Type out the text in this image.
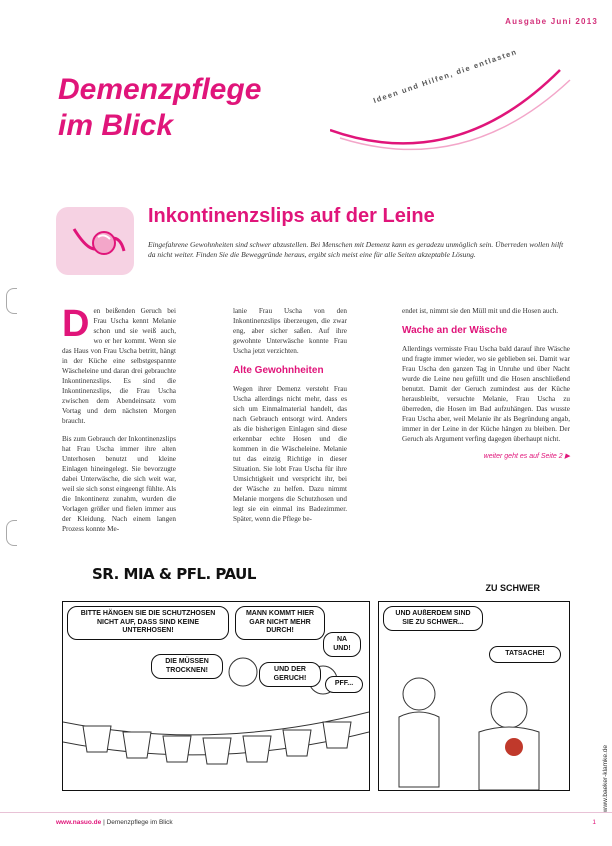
Ausgabe Juni 2013
Demenzpflege
im Blick
Ideen und Hilfen, die entlasten
Inkontinenzslips auf der Leine
Eingefahrene Gewohnheiten sind schwer abzustellen. Bei Menschen mit Demenz kann es geradezu unmöglich sein. Überreden wollen hilft da nicht weiter. Finden Sie die Beweggründe heraus, ergibt sich meist eine für alle Seiten akzeptable Lösung.
D en beißenden Geruch bei Frau Uscha kennt Melanie schon und sie weiß auch, wo er her kommt. Wenn sie das Haus von Frau Uscha betritt, hängt in der Küche eine selbstgespannte Wäscheleine und daran drei gebrauchte Inkontinenzslips. Es sind die Inkontinenzslips, die Frau Uscha zwischen dem Abendeinsatz vom Vortag und dem nächsten Morgen braucht.

Bis zum Gebrauch der Inkontinenzslips hat Frau Uscha immer ihre alten Unterhosen benutzt und kleine Einlagen hineingelegt. Sie bevorzugte dabei Unterwäsche, die sich weit war, weil sie sich sonst eingeengt fühlte. Als die Inkontinenz zunahm, wurden die Vorlagen größer und fielen immer aus der Kleidung. Nach einem langen Prozess konnte Me-

lanie Frau Uscha von den Inkontinenzslips überzeugen, die zwar eng, aber sicher saßen. Auf ihre gewohnte Unterwäsche konnte Frau Uscha jetzt verzichten.

Alte Gewohnheiten

Wegen ihrer Demenz versteht Frau Uscha allerdings nicht mehr, dass es sich um Einmalmaterial handelt, das nach Gebrauch entsorgt wird. Anders als die bisherigen Einlagen sind diese erkennbar echte Hosen und die kommen in die Wäscheleine. Melanie tut das einzig Richtige in dieser Situation. Sie lobt Frau Uscha für ihre Umsichtigkeit und verspricht ihr, bei der Wäsche zu helfen. Dazu nimmt Melanie morgens die Schutzhosen und legt sie ein einmal ins Badezimmer. Später, wenn die Pflege be-

endet ist, nimmt sie den Müll mit und die Hosen auch.

Wache an der Wäsche

Allerdings vermisste Frau Uscha bald darauf ihre Wäsche und fragte immer wieder, wo sie geblieben sei. Damit war Frau Uscha den ganzen Tag in Unruhe und über Nacht wurde die Leine neu gefüllt und die Hosen anschließend benutzt. Damit der Geruch zumindest aus der Küche herausbleibt, versuchte Melanie, Frau Uscha zu überreden, die Hosen im Bad aufzuhängen. Das wusste Frau Uscha aber, weil Melanie ihr als Begründung angab, immer in der Leine in der Küche hängen zu bleiben. Der Geruch als Argument verfing dagegen überhaupt nicht.

weiter geht es auf Seite 2 ▶
SR. MIA & PFL. PAUL
ZU SCHWER
BITTE HÄNGEN SIE DIE SCHUTZHOSEN NICHT AUF, DASS SIND KEINE UNTERHOSEN!
DIE MÜSSEN TROCKNEN!
MANN KOMMT HIER GAR NICHT MEHR DURCH!
NA UND!
UND DER GERUCH!
PFF...
UND AUßERDEM SIND SIE ZU SCHWER...
TATSACHE!
www.baeker-klamke.de
www.nasuo.de | Demenzpflege im Blick	1
